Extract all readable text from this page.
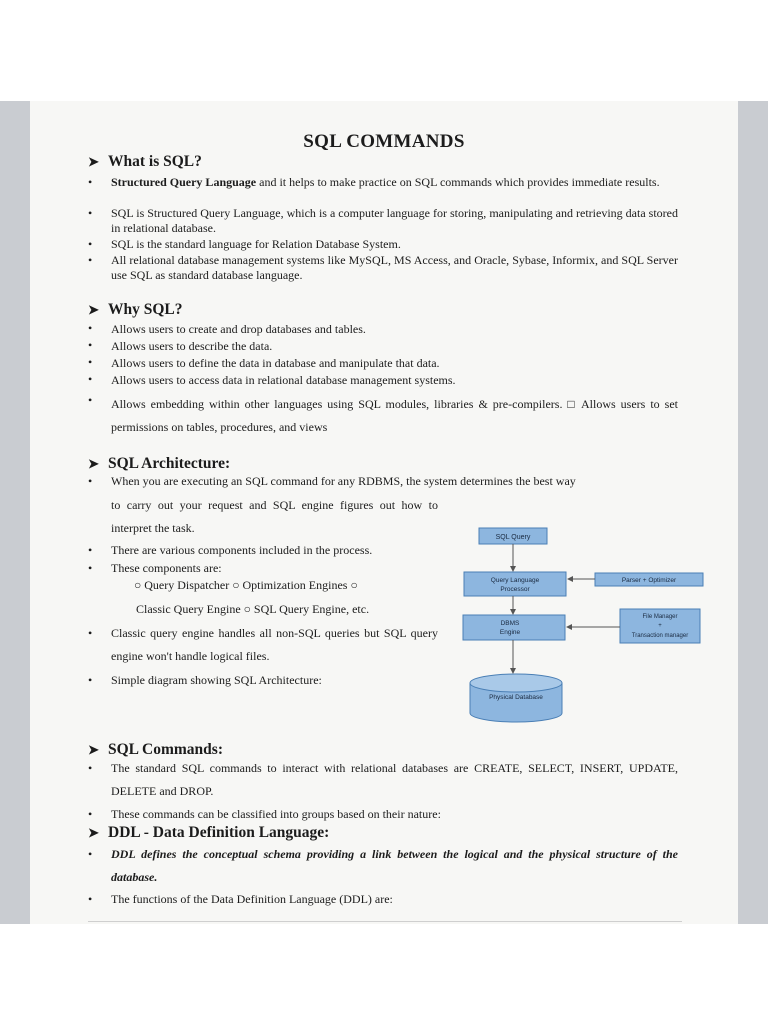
SQL COMMANDS
➤ What is SQL?
•	Structured Query Language and it helps to make practice on SQL commands which provides immediate results.
•	SQL is Structured Query Language, which is a computer language for storing, manipulating and retrieving data stored in relational database.
•	SQL is the standard language for Relation Database System.
•	All relational database management systems like MySQL, MS Access, and Oracle, Sybase, Informix, and SQL Server use SQL as standard database language.
➤ Why SQL?
•	Allows users to create and drop databases and tables.
•	Allows users to describe the data.
•	Allows users to define the data in database and manipulate that data.
•	Allows users to access data in relational database management systems.
•	Allows embedding within other languages using SQL modules, libraries & pre-compilers. □ Allows users to set permissions on tables, procedures, and views
➤ SQL Architecture:
•	When you are executing an SQL command for any RDBMS, the system determines the best way
to carry out your request and SQL engine figures out how to interpret the task.
•	There are various components included in the process.
•	These components are:
○ Query Dispatcher ○ Optimization Engines ○
Classic Query Engine ○ SQL Query Engine, etc.
•	Classic query engine handles all non-SQL queries but SQL query engine won't handle logical files.
•	Simple diagram showing SQL Architecture:
SQL Query
Query Language
Processor
Parser + Optimizer
DBMS
Engine
File Manager
+
Transaction manager
Physical Database
➤ SQL Commands:
•	The standard SQL commands to interact with relational databases are CREATE, SELECT, INSERT, UPDATE, DELETE and DROP.
•	These commands can be classified into groups based on their nature:
➤ DDL - Data Definition Language:
•	DDL defines the conceptual schema providing a link between the logical and the physical structure of the database.
•	The functions of the Data Definition Language (DDL) are:
